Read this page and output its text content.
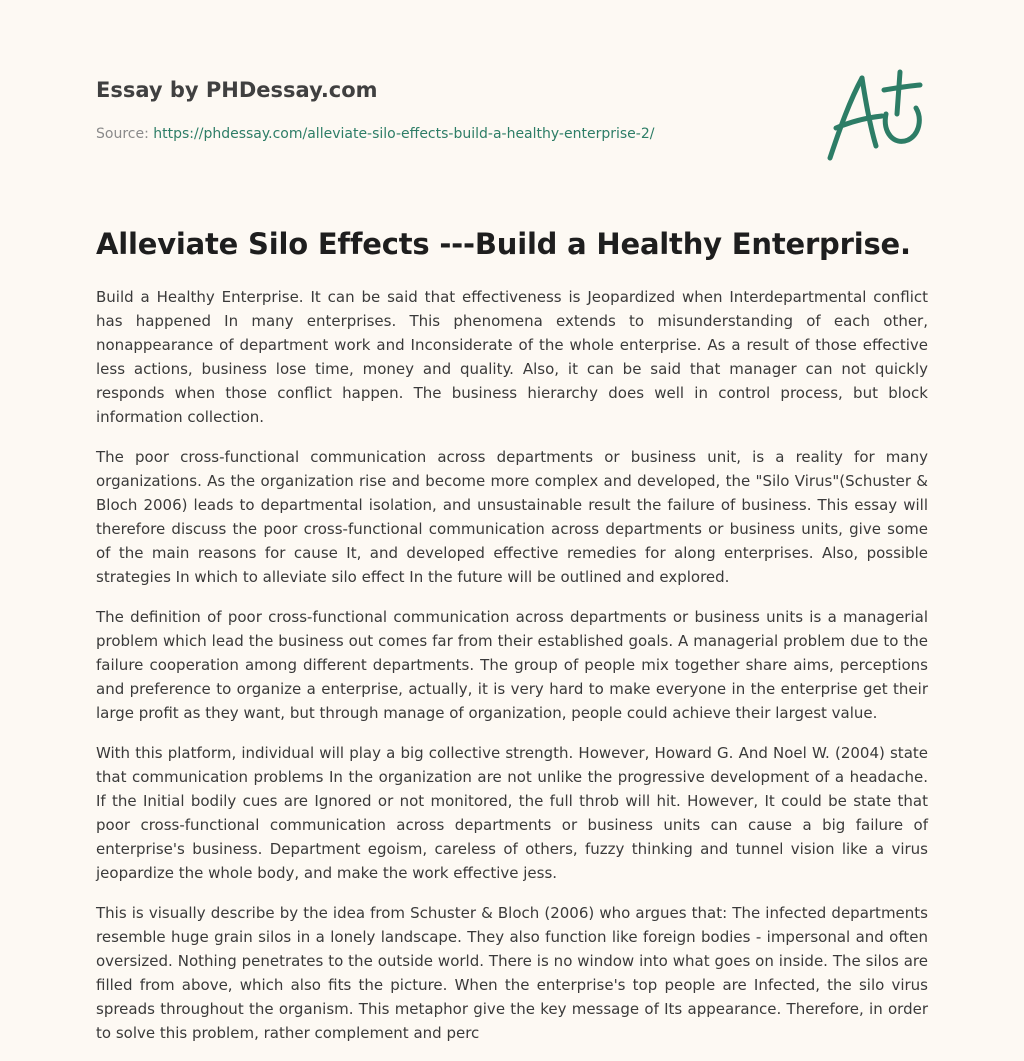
Essay by PHDessay.com
Source: https://phdessay.com/alleviate-silo-effects-build-a-healthy-enterprise-2/
Alleviate Silo Effects ---Build a Healthy Enterprise.

Build a Healthy Enterprise. It can be said that effectiveness is Jeopardized when Interdepartmental conflict has happened In many enterprises. This phenomena extends to misunderstanding of each other, nonappearance of department work and Inconsiderate of the whole enterprise. As a result of those effective less actions, business lose time, money and quality. Also, it can be said that manager can not quickly responds when those conflict happen. The business hierarchy does well in control process, but block information collection.

The poor cross-functional communication across departments or business unit, is a reality for many organizations. As the organization rise and become more complex and developed, the "Silo Virus"(Schuster & Bloch 2006) leads to departmental isolation, and unsustainable result the failure of business. This essay will therefore discuss the poor cross-functional communication across departments or business units, give some of the main reasons for cause It, and developed effective remedies for along enterprises. Also, possible strategies In which to alleviate silo effect In the future will be outlined and explored.

The definition of poor cross-functional communication across departments or business units is a managerial problem which lead the business out comes far from their established goals. A managerial problem due to the failure cooperation among different departments. The group of people mix together share aims, perceptions and preference to organize a enterprise, actually, it is very hard to make everyone in the enterprise get their large profit as they want, but through manage of organization, people could achieve their largest value.

With this platform, individual will play a big collective strength. However, Howard G. And Noel W. (2004) state that communication problems In the organization are not unlike the progressive development of a headache. If the Initial bodily cues are Ignored or not monitored, the full throb will hit. However, It could be state that poor cross-functional communication across departments or business units can cause a big failure of enterprise's business. Department egoism, careless of others, fuzzy thinking and tunnel vision like a virus jeopardize the whole body, and make the work effective jess.

This is visually describe by the idea from Schuster & Bloch (2006) who argues that: The infected departments resemble huge grain silos in a lonely landscape. They also function like foreign bodies - impersonal and often oversized. Nothing penetrates to the outside world. There is no window into what goes on inside. The silos are filled from above, which also fits the picture. When the enterprise's top people are Infected, the silo virus spreads throughout the organism. This metaphor give the key message of Its appearance. Therefore, in order to solve this problem, rather complement and perc
